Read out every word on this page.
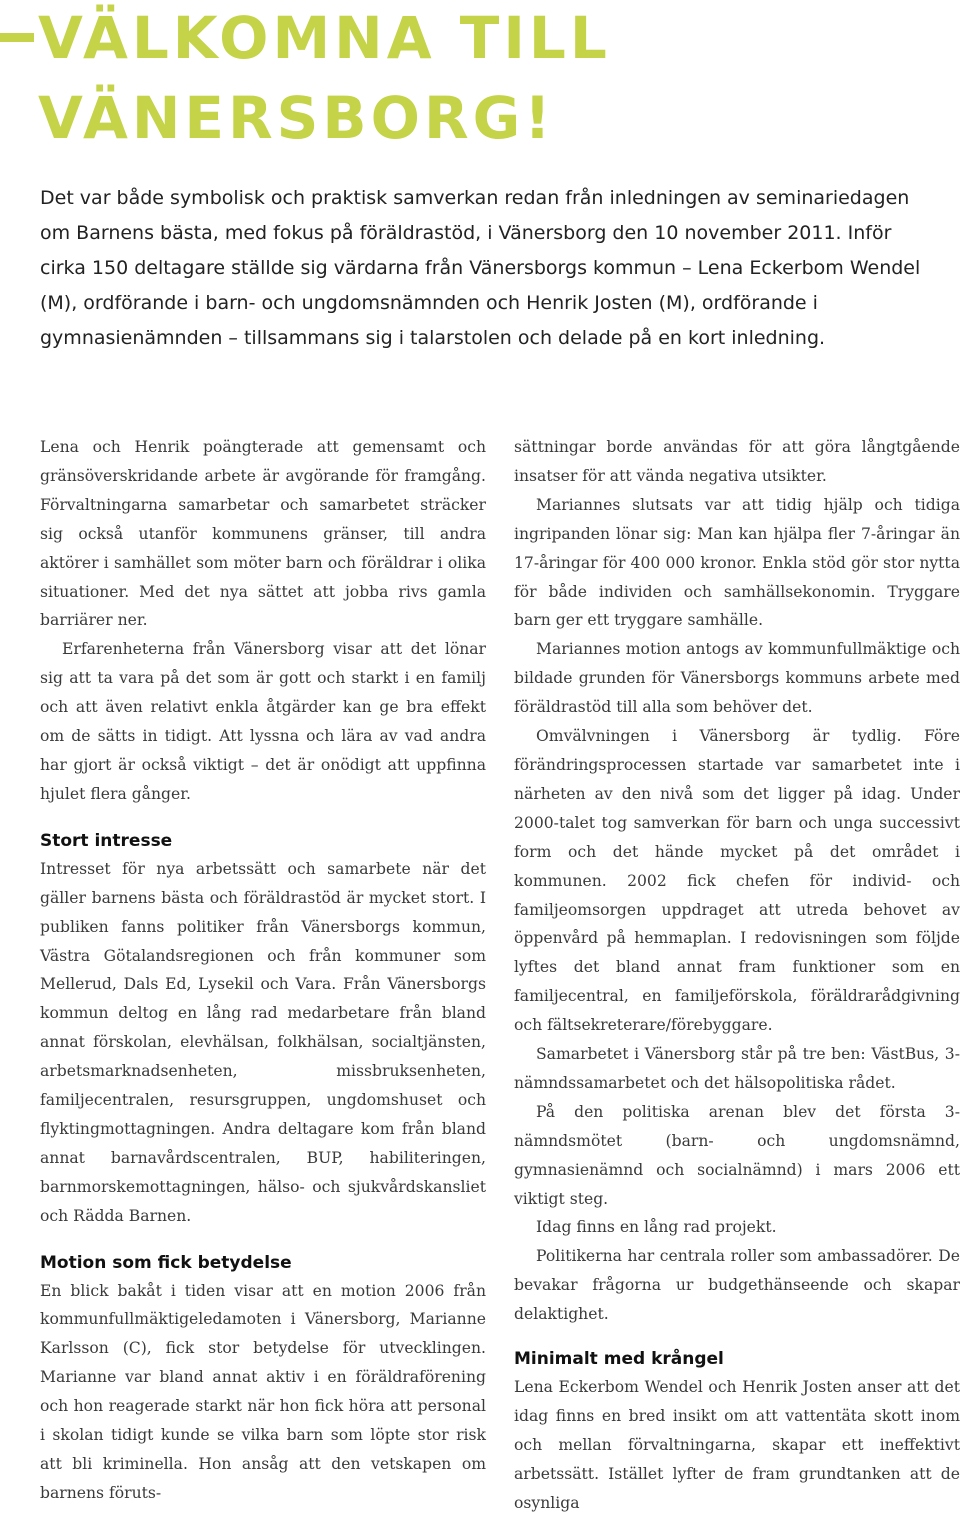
VÄLKOMNA TILL
VÄNERSBORG!
Det var både symbolisk och praktisk samverkan redan från inledningen av seminariedagen om Barnens bästa, med fokus på föräldrastöd, i Vänersborg den 10 november 2011. Inför cirka 150 deltagare ställde sig värdarna från Vänersborgs kommun – Lena Eckerbom Wendel (M), ordförande i barn- och ungdomsnämnden och Henrik Josten (M), ordförande i gymnasienämnden – tillsammans sig i talarstolen och delade på en kort inledning.

Lena och Henrik poängterade att gemensamt och gränsöverskridande arbete är avgörande för framgång. Förvaltningarna samarbetar och samarbetet sträcker sig också utanför kommunens gränser, till andra aktörer i samhället som möter barn och föräldrar i olika situationer. Med det nya sättet att jobba rivs gamla barriärer ner.

Erfarenheterna från Vänersborg visar att det lönar sig att ta vara på det som är gott och starkt i en familj och att även relativt enkla åtgärder kan ge bra effekt om de sätts in tidigt. Att lyssna och lära av vad andra har gjort är också viktigt – det är onödigt att uppfinna hjulet flera gånger.

Stort intresse

Intresset för nya arbetssätt och samarbete när det gäller barnens bästa och föräldrastöd är mycket stort. I publiken fanns politiker från Vänersborgs kommun, Västra Götalandsregionen och från kommuner som Mellerud, Dals Ed, Lysekil och Vara. Från Vänersborgs kommun deltog en lång rad medarbetare från bland annat förskolan, elevhälsan, folkhälsan, socialtjänsten, arbetsmarknadsenheten, missbruksenheten, familjecentralen, resursgruppen, ungdomshuset och flyktingmottagningen. Andra deltagare kom från bland annat barnavårdscentralen, BUP, habiliteringen, barnmorskemottagningen, hälso- och sjukvårdskansliet och Rädda Barnen.

Motion som fick betydelse

En blick bakåt i tiden visar att en motion 2006 från kommunfullmäktigeledamoten i Vänersborg, Marianne Karlsson (C), fick stor betydelse för utvecklingen. Marianne var bland annat aktiv i en föräldraförening och hon reagerade starkt när hon fick höra att personal i skolan tidigt kunde se vilka barn som löpte stor risk att bli kriminella. Hon ansåg att den vetskapen om barnens föruts-

sättningar borde användas för att göra långtgående insatser för att vända negativa utsikter.

Mariannes slutsats var att tidig hjälp och tidiga ingripanden lönar sig: Man kan hjälpa fler 7-åringar än 17-åringar för 400 000 kronor. Enkla stöd gör stor nytta för både individen och samhällsekonomin. Tryggare barn ger ett tryggare samhälle.

Mariannes motion antogs av kommunfullmäktige och bildade grunden för Vänersborgs kommuns arbete med föräldrastöd till alla som behöver det.

Omvälvningen i Vänersborg är tydlig. Före förändringsprocessen startade var samarbetet inte i närheten av den nivå som det ligger på idag. Under 2000-talet tog samverkan för barn och unga successivt form och det hände mycket på det området i kommunen. 2002 fick chefen för individ- och familjeomsorgen uppdraget att utreda behovet av öppenvård på hemmaplan. I redovisningen som följde lyftes det bland annat fram funktioner som en familjecentral, en familjeförskola, föräldrarådgivning och fältsekreterare/förebyggare.

Samarbetet i Vänersborg står på tre ben: VästBus, 3-nämndssamarbetet och det hälsopolitiska rådet.

På den politiska arenan blev det första 3-nämndsmötet (barn- och ungdomsnämnd, gymnasienämnd och socialnämnd) i mars 2006 ett viktigt steg.

Idag finns en lång rad projekt.

Politikerna har centrala roller som ambassadörer. De bevakar frågorna ur budgethänseende och skapar delaktighet.

Minimalt med krångel

Lena Eckerbom Wendel och Henrik Josten anser att det idag finns en bred insikt om att vattentäta skott inom och mellan förvaltningarna, skapar ett ineffektivt arbetssätt. Istället lyfter de fram grundtanken att de osynliga
